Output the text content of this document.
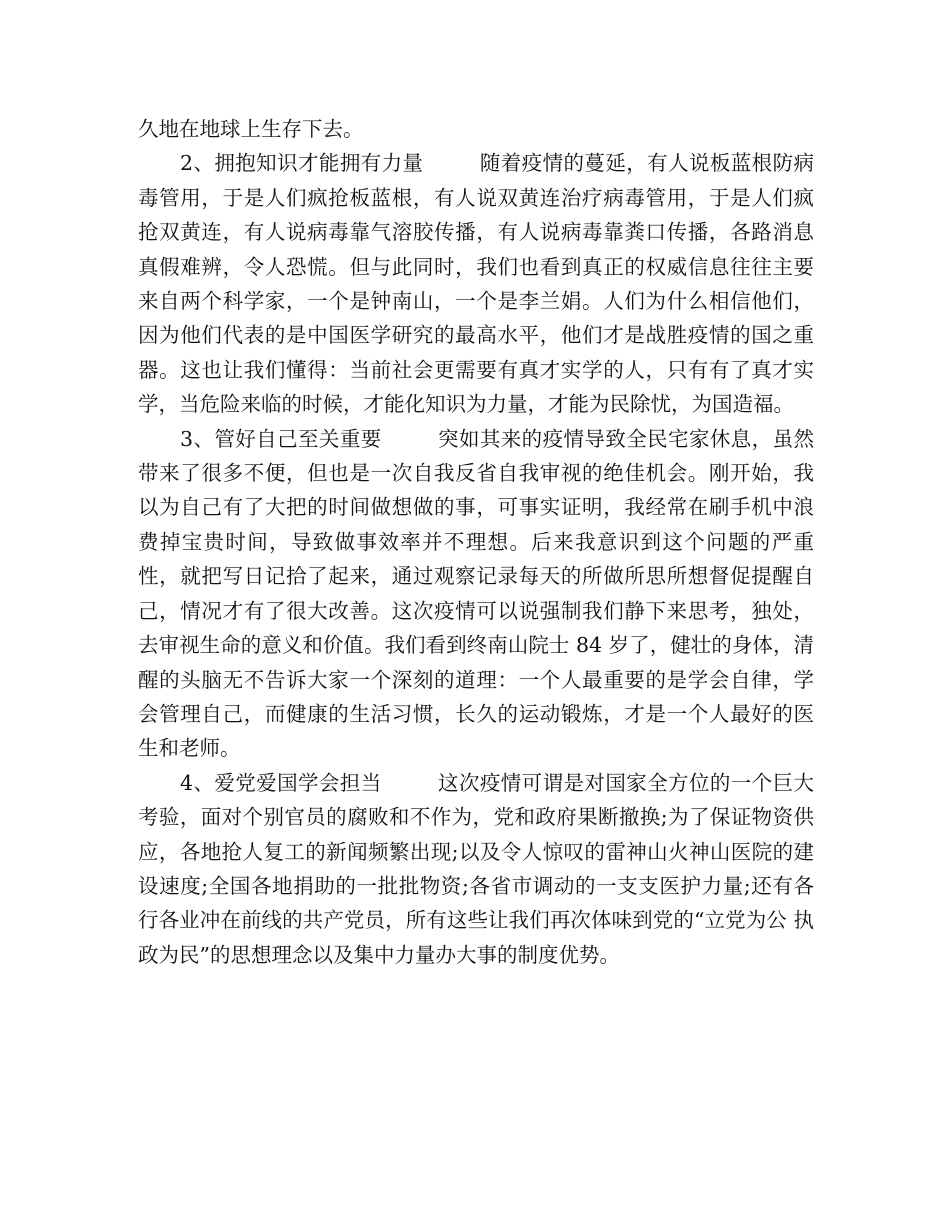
久地在地球上生存下去。

2、拥抱知识才能拥有力量	随着疫情的蔓延，有人说板蓝根防病毒管用，于是人们疯抢板蓝根，有人说双黄连治疗病毒管用，于是人们疯抢双黄连，有人说病毒靠气溶胶传播，有人说病毒靠粪口传播，各路消息真假难辨，令人恐慌。但与此同时，我们也看到真正的权威信息往往主要来自两个科学家，一个是钟南山，一个是李兰娟。人们为什么相信他们，因为他们代表的是中国医学研究的最高水平，他们才是战胜疫情的国之重器。这也让我们懂得：当前社会更需要有真才实学的人，只有有了真才实学，当危险来临的时候，才能化知识为力量，才能为民除忧，为国造福。

3、管好自己至关重要	突如其来的疫情导致全民宅家休息，虽然带来了很多不便，但也是一次自我反省自我审视的绝佳机会。刚开始，我以为自己有了大把的时间做想做的事，可事实证明，我经常在刷手机中浪费掉宝贵时间，导致做事效率并不理想。后来我意识到这个问题的严重性，就把写日记拾了起来，通过观察记录每天的所做所思所想督促提醒自己，情况才有了很大改善。这次疫情可以说强制我们静下来思考，独处，去审视生命的意义和价值。我们看到终南山院士 84 岁了，健壮的身体，清醒的头脑无不告诉大家一个深刻的道理：一个人最重要的是学会自律，学会管理自己，而健康的生活习惯，长久的运动锻炼，才是一个人最好的医生和老师。

4、爱党爱国学会担当	这次疫情可谓是对国家全方位的一个巨大考验，面对个别官员的腐败和不作为，党和政府果断撤换;为了保证物资供应，各地抢人复工的新闻频繁出现;以及令人惊叹的雷神山火神山医院的建设速度;全国各地捐助的一批批物资;各省市调动的一支支医护力量;还有各行各业冲在前线的共产党员，所有这些让我们再次体味到党的“立党为公 执政为民”的思想理念以及集中力量办大事的制度优势。
